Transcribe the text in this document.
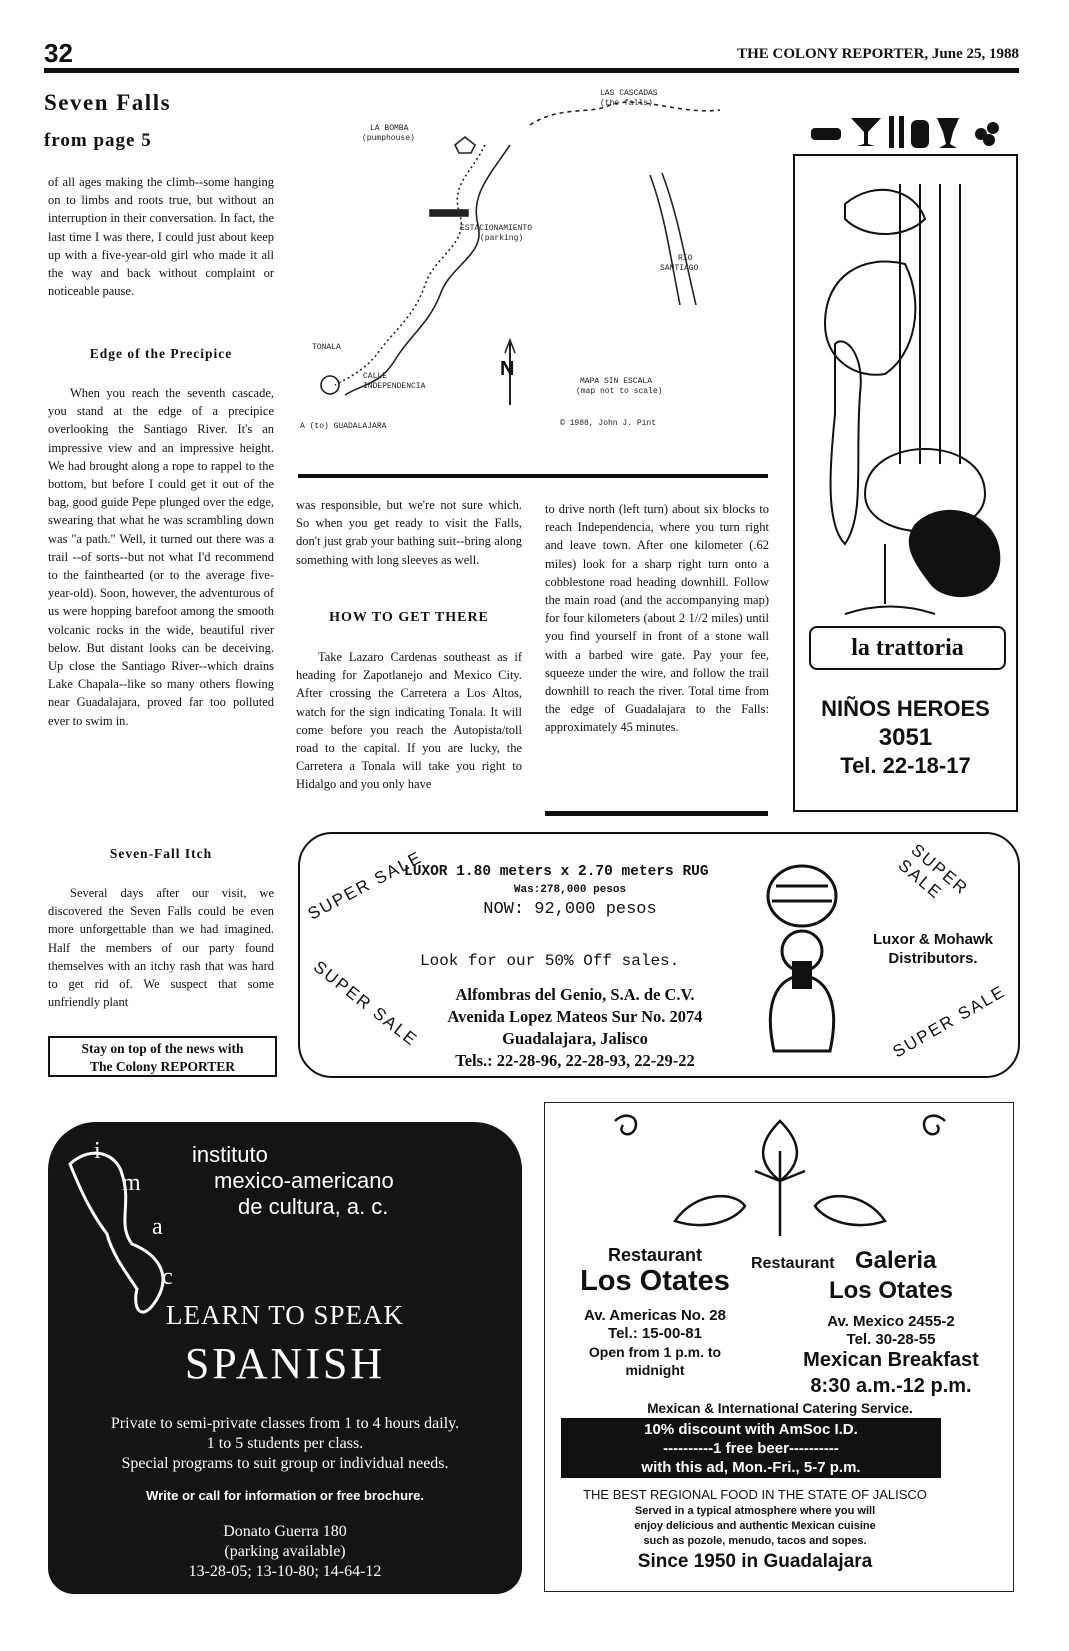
32	THE COLONY REPORTER, June 25, 1988
Seven Falls
from page 5
of all ages making the climb--some hanging on to limbs and roots true, but without an interruption in their conversation. In fact, the last time I was there, I could just about keep up with a five-year-old girl who made it all the way and back without complaint or noticeable pause.
Edge of the Precipice
When you reach the seventh cascade, you stand at the edge of a precipice overlooking the Santiago River. It's an impressive view and an impressive height. We had brought along a rope to rappel to the bottom, but before I could get it out of the bag, good guide Pepe plunged over the edge, swearing that what he was scrambling down was "a path." Well, it turned out there was a trail --of sorts--but not what I'd recommend to the fainthearted (or to the average five-year-old). Soon, however, the adventurous of us were hopping barefoot among the smooth volcanic rocks in the wide, beautiful river below. But distant looks can be deceiving. Up close the Santiago River--which drains Lake Chapala--like so many others flowing near Guadalajara, proved far too polluted ever to swim in.
Seven-Fall Itch
Several days after our visit, we discovered the Seven Falls could be even more unforgettable than we had imagined. Half the members of our party found themselves with an itchy rash that was hard to get rid of. We suspect that some unfriendly plant
Stay on top of the news with
The Colony REPORTER
LAS CASCADAS
(the falls)
LA BOMBA
(pumphouse)
ESTACIONAMIENTO
(parking)
RIO
SANTIAGO
TONALA
CALLE
INDEPENDENCIA
MAPA SIN ESCALA
(map not to scale)
A (to) GUADALAJARA	© 1988, John J. Pint
N
was responsible, but we're not sure which. So when you get ready to visit the Falls, don't just grab your bathing suit--bring along something with long sleeves as well.
HOW TO GET THERE
Take Lazaro Cardenas southeast as if heading for Zapotlanejo and Mexico City. After crossing the Carretera a Los Altos, watch for the sign indicating Tonala. It will come before you reach the Autopista/toll road to the capital. If you are lucky, the Carretera a Tonala will take you right to Hidalgo and you only have
to drive north (left turn) about six blocks to reach Independencia, where you turn right and leave town. After one kilometer (.62 miles) look for a sharp right turn onto a cobblestone road heading downhill. Follow the main road (and the accompanying map) for four kilometers (about 2 1//2 miles) until you find yourself in front of a stone wall with a barbed wire gate. Pay your fee, squeeze under the wire, and follow the trail downhill to reach the river. Total time from the edge of Guadalajara to the Falls: approximately 45 minutes.
la trattoria
NIÑOS HEROES
3051
Tel. 22-18-17
SUPER SALE
SUPER SALE
SUPER SALE
SUPER SALE
LUXOR 1.80 meters x 2.70 meters RUG
Was:278,000 pesos
NOW: 92,000 pesos
Look for our 50% Off sales.
Alfombras del Genio, S.A. de C.V.
Avenida Lopez Mateos Sur No. 2074
Guadalajara, Jalisco
Tels.: 22-28-96, 22-28-93, 22-29-22
Luxor & Mohawk
Distributors.
i
m
a
c
instituto
mexico-americano
de cultura, a. c.
LEARN TO SPEAK
SPANISH
Private to semi-private classes from 1 to 4 hours daily.
1 to 5 students per class.
Special programs to suit group or individual needs.
Write or call for information or free brochure.
Donato Guerra 180
(parking available)
13-28-05; 13-10-80; 14-64-12
Restaurant
Los Otates
Av. Americas No. 28
Tel.: 15-00-81
Open from 1 p.m. to
midnight
Restaurant Galeria
Los Otates
Av. Mexico 2455-2
Tel. 30-28-55
Mexican Breakfast
8:30 a.m.-12 p.m.
Mexican & International Catering Service.
10% discount with AmSoc I.D.
----------1 free beer----------
with this ad, Mon.-Fri., 5-7 p.m.
THE BEST REGIONAL FOOD IN THE STATE OF JALISCO
Served in a typical atmosphere where you will
enjoy delicious and authentic Mexican cuisine
such as pozole, menudo, tacos and sopes.
Since 1950 in Guadalajara
